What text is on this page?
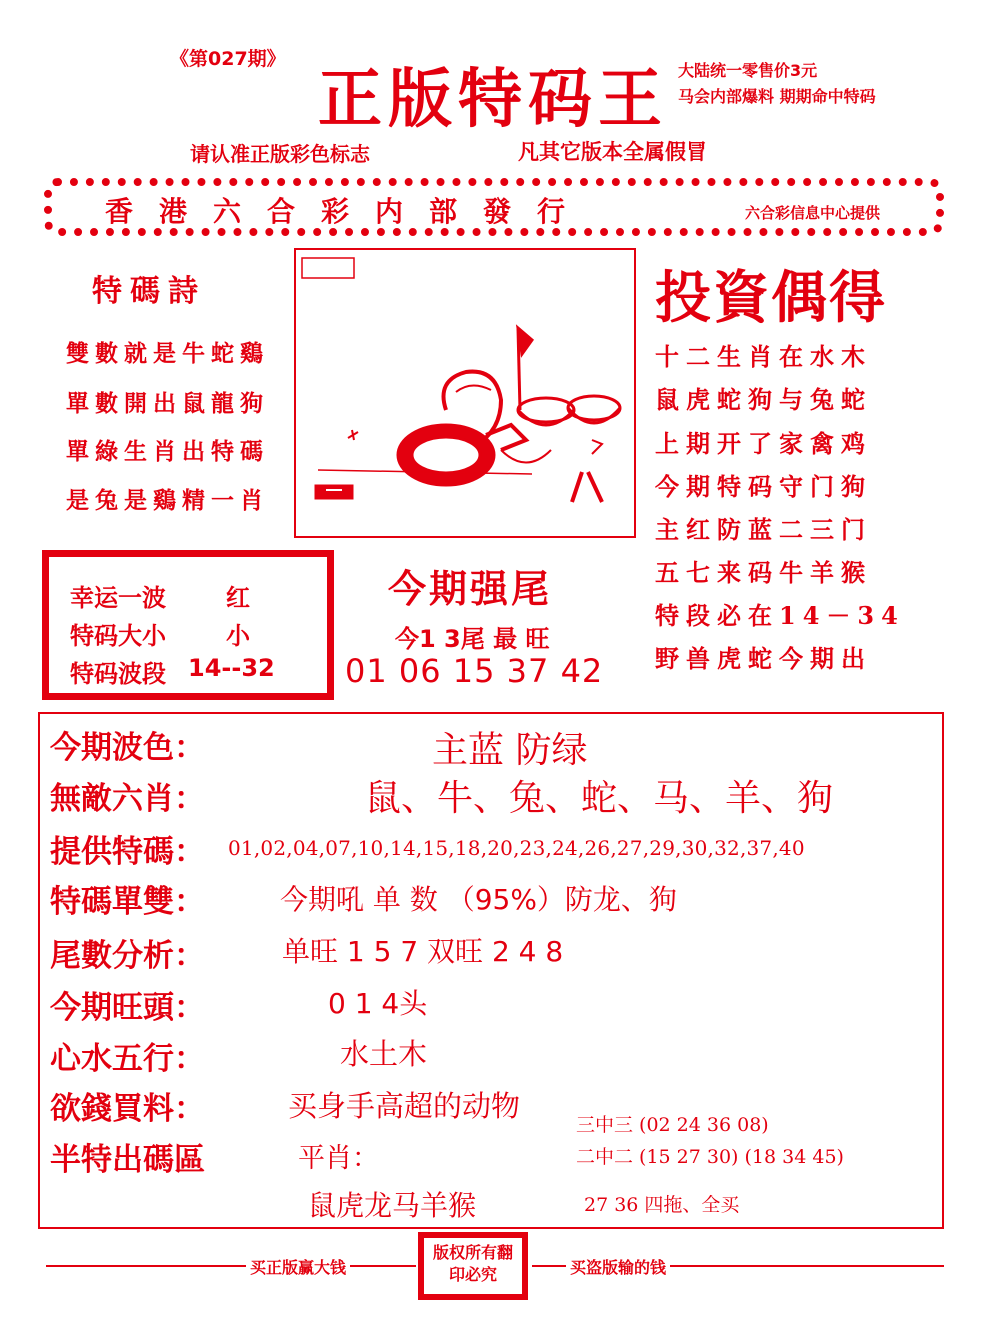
《第027期》
正版特码王 大陆统一零售价3元
马会内部爆料 期期命中特码
请认准正版彩色标志	凡其它版本全属假冒
香港六合彩内部發行	六合彩信息中心提供
特碼詩
雙數就是牛蛇鷄
單數開出鼠龍狗
單綠生肖出特碼
是兔是鷄精一肖
投資偶得
十二生肖在水木
鼠虎蛇狗与兔蛇
上期开了家禽鸡
今期特码守门狗
主红防蓝二三门
五七来码牛羊猴
特段必在14－34
野兽虎蛇今期出
幸运一波	红
特码大小	小
特码波段 14--32
今期强尾
今1 3尾 最 旺
01 06 15 37 42
今期波色：	主蓝 防绿
無敵六肖：	鼠、牛、兔、蛇、马、羊、狗
提供特碼： 01,02,04,07,10,14,15,18,20,23,24,26,27,29,30,32,37,40
特碼單雙：	今期吼 单 数 （95%）防龙、狗
尾數分析：	单旺 1 5 7 双旺 2 4 8
今期旺頭：	0 1 4头
心水五行：	水土木
欲錢買料：	买身手高超的动物
半特出碼區	平肖：
鼠虎龙马羊猴
三中三 (02 24 36 08)
二中二 (15 27 30) (18 34 45)
27 36 四拖、全买
买正版赢大钱	买盗版输的钱
版权所有翻印必究
